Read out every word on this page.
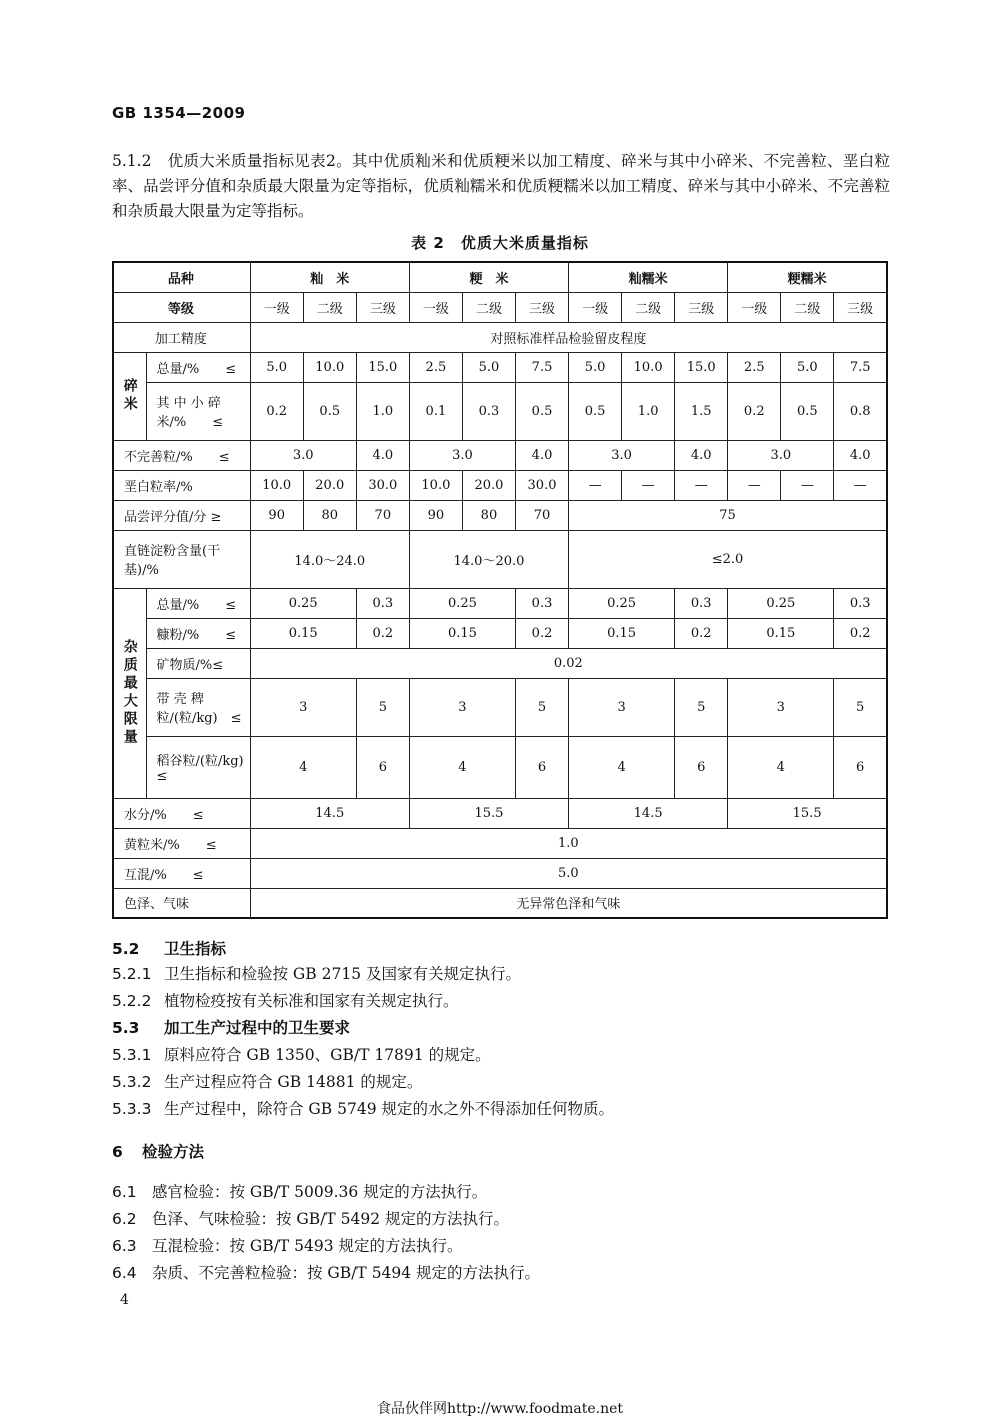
GB 1354—2009
5.1.2　优质大米质量指标见表2。其中优质籼米和优质粳米以加工精度、碎米与其中小碎米、不完善粒、垩白粒率、品尝评分值和杂质最大限量为定等指标，优质籼糯米和优质粳糯米以加工精度、碎米与其中小碎米、不完善粒和杂质最大限量为定等指标。
表 2　优质大米质量指标
品种		籼　米			粳　米			籼糯米			粳糯米		
等级		一级	二级	三级	一级	二级	三级	一级	二级	三级	一级	二级	三级
加工精度		对照标准样品检验留皮程度											
碎米	总量/%　　≤	5.0	10.0	15.0	2.5	5.0	7.5	5.0	10.0	15.0	2.5	5.0	7.5
	其 中 小 碎 米/%　　≤	0.2	0.5	1.0	0.1	0.3	0.5	0.5	1.0	1.5	0.2	0.5	0.8
不完善粒/%　　≤		3.0		4.0	3.0		4.0	3.0		4.0	3.0		4.0
垩白粒率/%		10.0	20.0	30.0	10.0	20.0	30.0	—	—	—	—	—	—
品尝评分值/分 ≥		90	80	70	90	80	70	75					
直链淀粉含量(干基)/%		14.0～24.0			14.0～20.0			≤2.0					
杂质最大限量	总量/%　　≤	0.25		0.3	0.25		0.3	0.25		0.3	0.25		0.3
	糠粉/%　　≤	0.15		0.2	0.15		0.2	0.15		0.2	0.15		0.2
	矿物质/%≤	0.02											
	带 壳 稗 粒/(粒/kg)　≤	3		5	3		5	3		5	3		5
	稻谷粒/(粒/kg)　≤	4		6	4		6	4		6	4		6
水分/%　　≤		14.5			15.5			14.5			15.5		
黄粒米/%　　≤		1.0											
互混/%　　≤		5.0											
色泽、气味		无异常色泽和气味											
5.2 卫生指标
5.2.1 卫生指标和检验按 GB 2715 及国家有关规定执行。
5.2.2 植物检疫按有关标准和国家有关规定执行。
5.3 加工生产过程中的卫生要求
5.3.1 原料应符合 GB 1350、GB/T 17891 的规定。
5.3.2 生产过程应符合 GB 14881 的规定。
5.3.3 生产过程中，除符合 GB 5749 规定的水之外不得添加任何物质。
6 检验方法
6.1 感官检验：按 GB/T 5009.36 规定的方法执行。
6.2 色泽、气味检验：按 GB/T 5492 规定的方法执行。
6.3 互混检验：按 GB/T 5493 规定的方法执行。
6.4 杂质、不完善粒检验：按 GB/T 5494 规定的方法执行。
4
食品伙伴网http://www.foodmate.net
